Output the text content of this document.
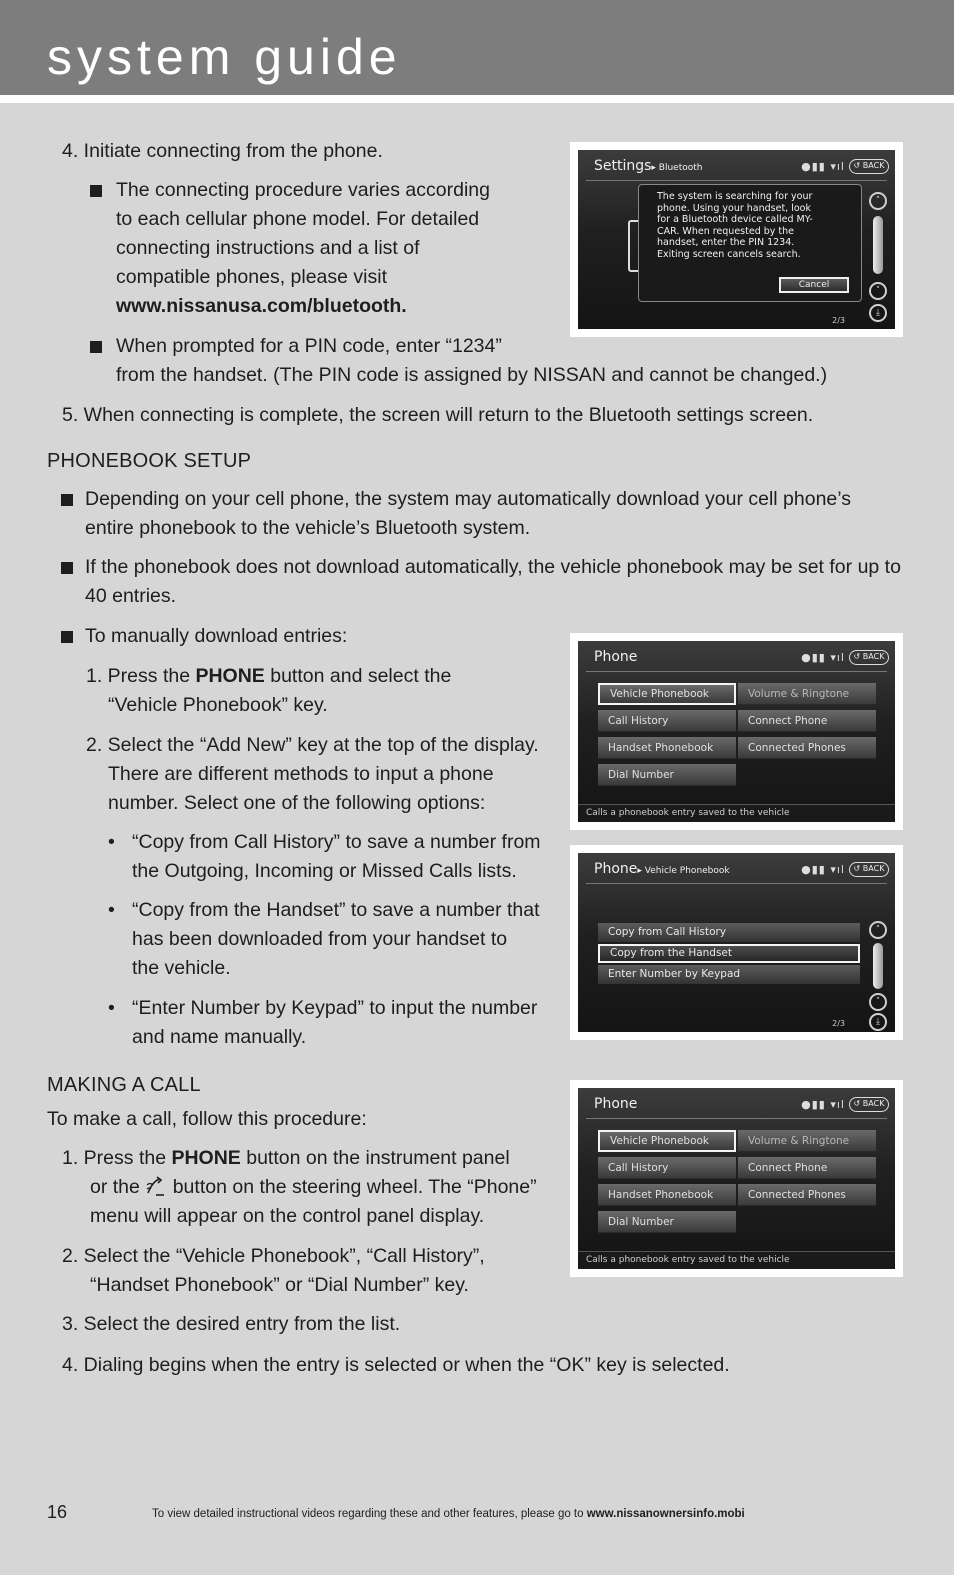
system guide
4. Initiate connecting from the phone.
The connecting procedure varies according
to each cellular phone model. For detailed
connecting instructions and a list of
compatible phones, please visit
www.nissanusa.com/bluetooth.
When prompted for a PIN code, enter “1234”
from the handset. (The PIN code is assigned by NISSAN and cannot be changed.)
5. When connecting is complete, the screen will return to the Bluetooth settings screen.
PHONEBOOK SETUP
Depending on your cell phone, the system may automatically download your cell phone’s
entire phonebook to the vehicle’s Bluetooth system.
If the phonebook does not download automatically, the vehicle phonebook may be set for up to
40 entries.
To manually download entries:
1. Press the PHONE button and select the
“Vehicle Phonebook” key.
2. Select the “Add New” key at the top of the display.
There are different methods to input a phone
number. Select one of the following options:
• “Copy from Call History” to save a number from
the Outgoing, Incoming or Missed Calls lists.
• “Copy from the Handset” to save a number that
has been downloaded from your handset to
the vehicle.
• “Enter Number by Keypad” to input the number
and name manually.
MAKING A CALL
To make a call, follow this procedure:
1. Press the PHONE button on the instrument panel
or the  button on the steering wheel. The “Phone”
menu will appear on the control panel display.
2. Select the “Vehicle Phonebook”, “Call History”,
“Handset Phonebook” or “Dial Number” key.
3. Select the desired entry from the list.
4. Dialing begins when the entry is selected or when the “OK” key is selected.
Settings▸ Bluetooth	●▮▮ ▾ıl	↺ BACK
The system is searching for your
phone. Using your handset, look
for a Bluetooth device called MY-
CAR. When requested by the
handset, enter the PIN 1234.
Exiting screen cancels search.
Cancel
˄
˅
⤓
2/3
Phone	●▮▮ ▾ıl	↺ BACK
Vehicle Phonebook
Call History
Handset Phonebook
Dial Number
Volume & Ringtone
Connect Phone
Connected Phones
Calls a phonebook entry saved to the vehicle
Phone▸ Vehicle Phonebook	●▮▮ ▾ıl	↺ BACK
Copy from Call History
Copy from the Handset
Enter Number by Keypad
˄
˅
⤓
2/3
Phone	●▮▮ ▾ıl	↺ BACK
Vehicle Phonebook
Call History
Handset Phonebook
Dial Number
Volume & Ringtone
Connect Phone
Connected Phones
Calls a phonebook entry saved to the vehicle
16	To view detailed instructional videos regarding these and other features, please go to www.nissanownersinfo.mobi
